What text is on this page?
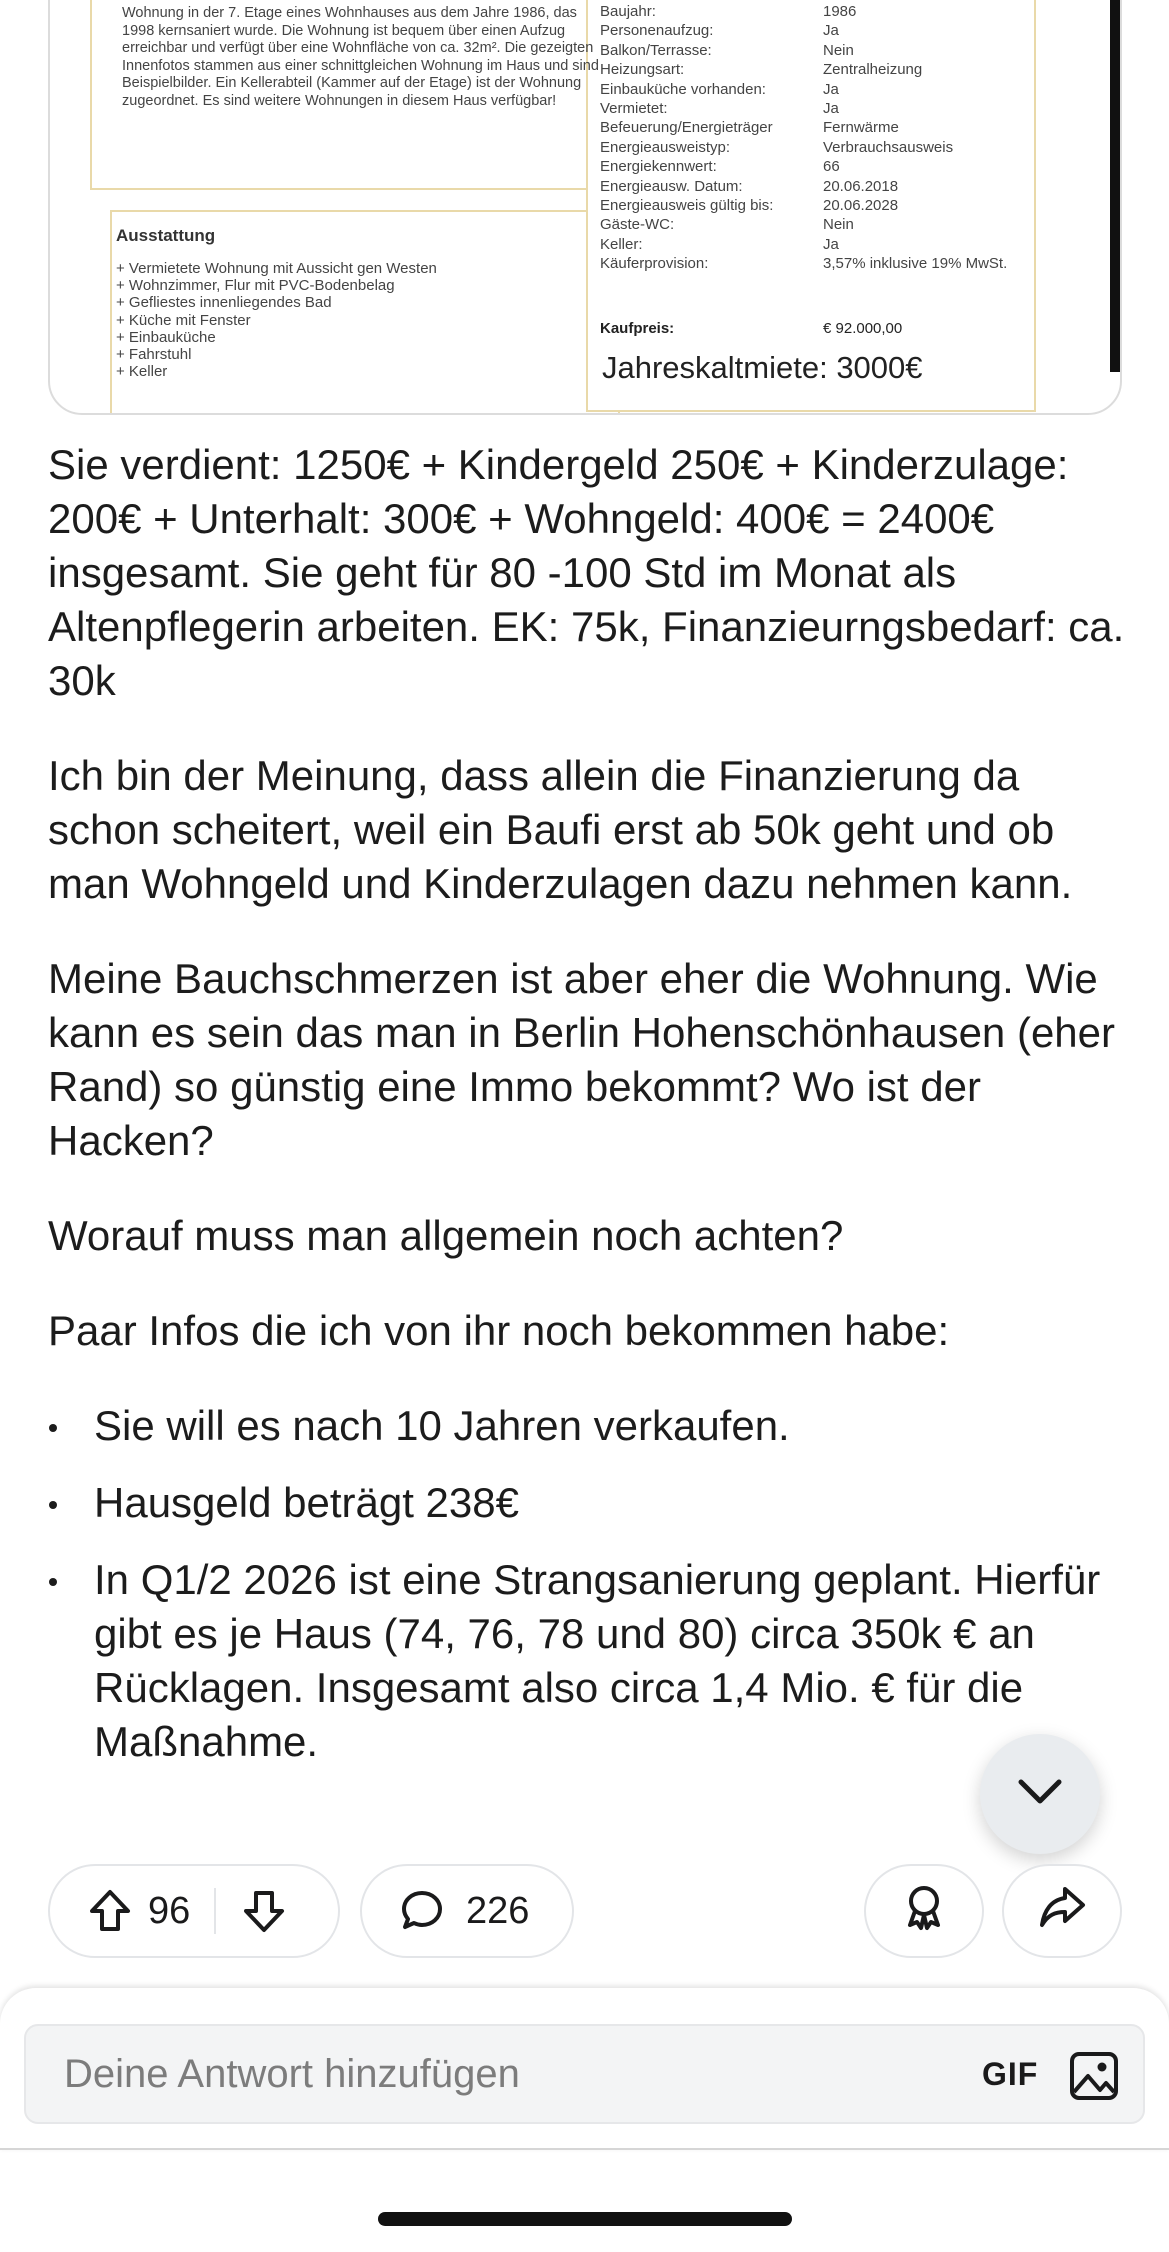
Wohnung in der 7. Etage eines Wohnhauses aus dem Jahre 1986, das 1998 kernsaniert wurde. Die Wohnung ist bequem über einen Aufzug erreichbar und verfügt über eine Wohnfläche von ca. 32m². Die gezeigten Innenfotos stammen aus einer schnittgleichen Wohnung im Haus und sind Beispielbilder. Ein Kellerabteil (Kammer auf der Etage) ist der Wohnung zugeordnet. Es sind weitere Wohnungen in diesem Haus verfügbar!
Ausstattung
+ Vermietete Wohnung mit Aussicht gen Westen
+ Wohnzimmer, Flur mit PVC-Bodenbelag
+ Gefliestes innenliegendes Bad
+ Küche mit Fenster
+ Einbauküche
+ Fahrstuhl
+ Keller
Baujahr:	1986
Personenaufzug:	Ja
Balkon/Terrasse:	Nein
Heizungsart:	Zentralheizung
Einbauküche vorhanden:	Ja
Vermietet:	Ja
Befeuerung/Energieträger	Fernwärme
Energieausweistyp:	Verbrauchsausweis
Energiekennwert:	66
Energieausw. Datum:	20.06.2018
Energieausweis gültig bis:	20.06.2028
Gäste-WC:	Nein
Keller:	Ja
Käuferprovision:	3,57% inklusive 19% MwSt.
Kaufpreis:	€ 92.000,00
Jahreskaltmiete: 3000€

Sie verdient: 1250€ + Kindergeld 250€ + Kinderzulage: 200€ + Unterhalt: 300€ + Wohngeld: 400€ = 2400€ insgesamt. Sie geht für 80 -100 Std im Monat als Altenpflegerin arbeiten. EK: 75k, Finanzieurngsbedarf: ca. 30k

Ich bin der Meinung, dass allein die Finanzierung da schon scheitert, weil ein Baufi erst ab 50k geht und ob man Wohngeld und Kinderzulagen dazu nehmen kann.

Meine Bauchschmerzen ist aber eher die Wohnung. Wie kann es sein das man in Berlin Hohenschönhausen (eher Rand) so günstig eine Immo bekommt? Wo ist der Hacken?

Worauf muss man allgemein noch achten?

Paar Infos die ich von ihr noch bekommen habe:

Sie will es nach 10 Jahren verkaufen.
Hausgeld beträgt 238€
In Q1/2 2026 ist eine Strangsanierung geplant. Hierfür gibt es je Haus (74, 76, 78 und 80) circa 350k € an Rücklagen. Insgesamt also circa 1,4 Mio. € für die Maßnahme.
96	226
Deine Antwort hinzufügen	GIF
